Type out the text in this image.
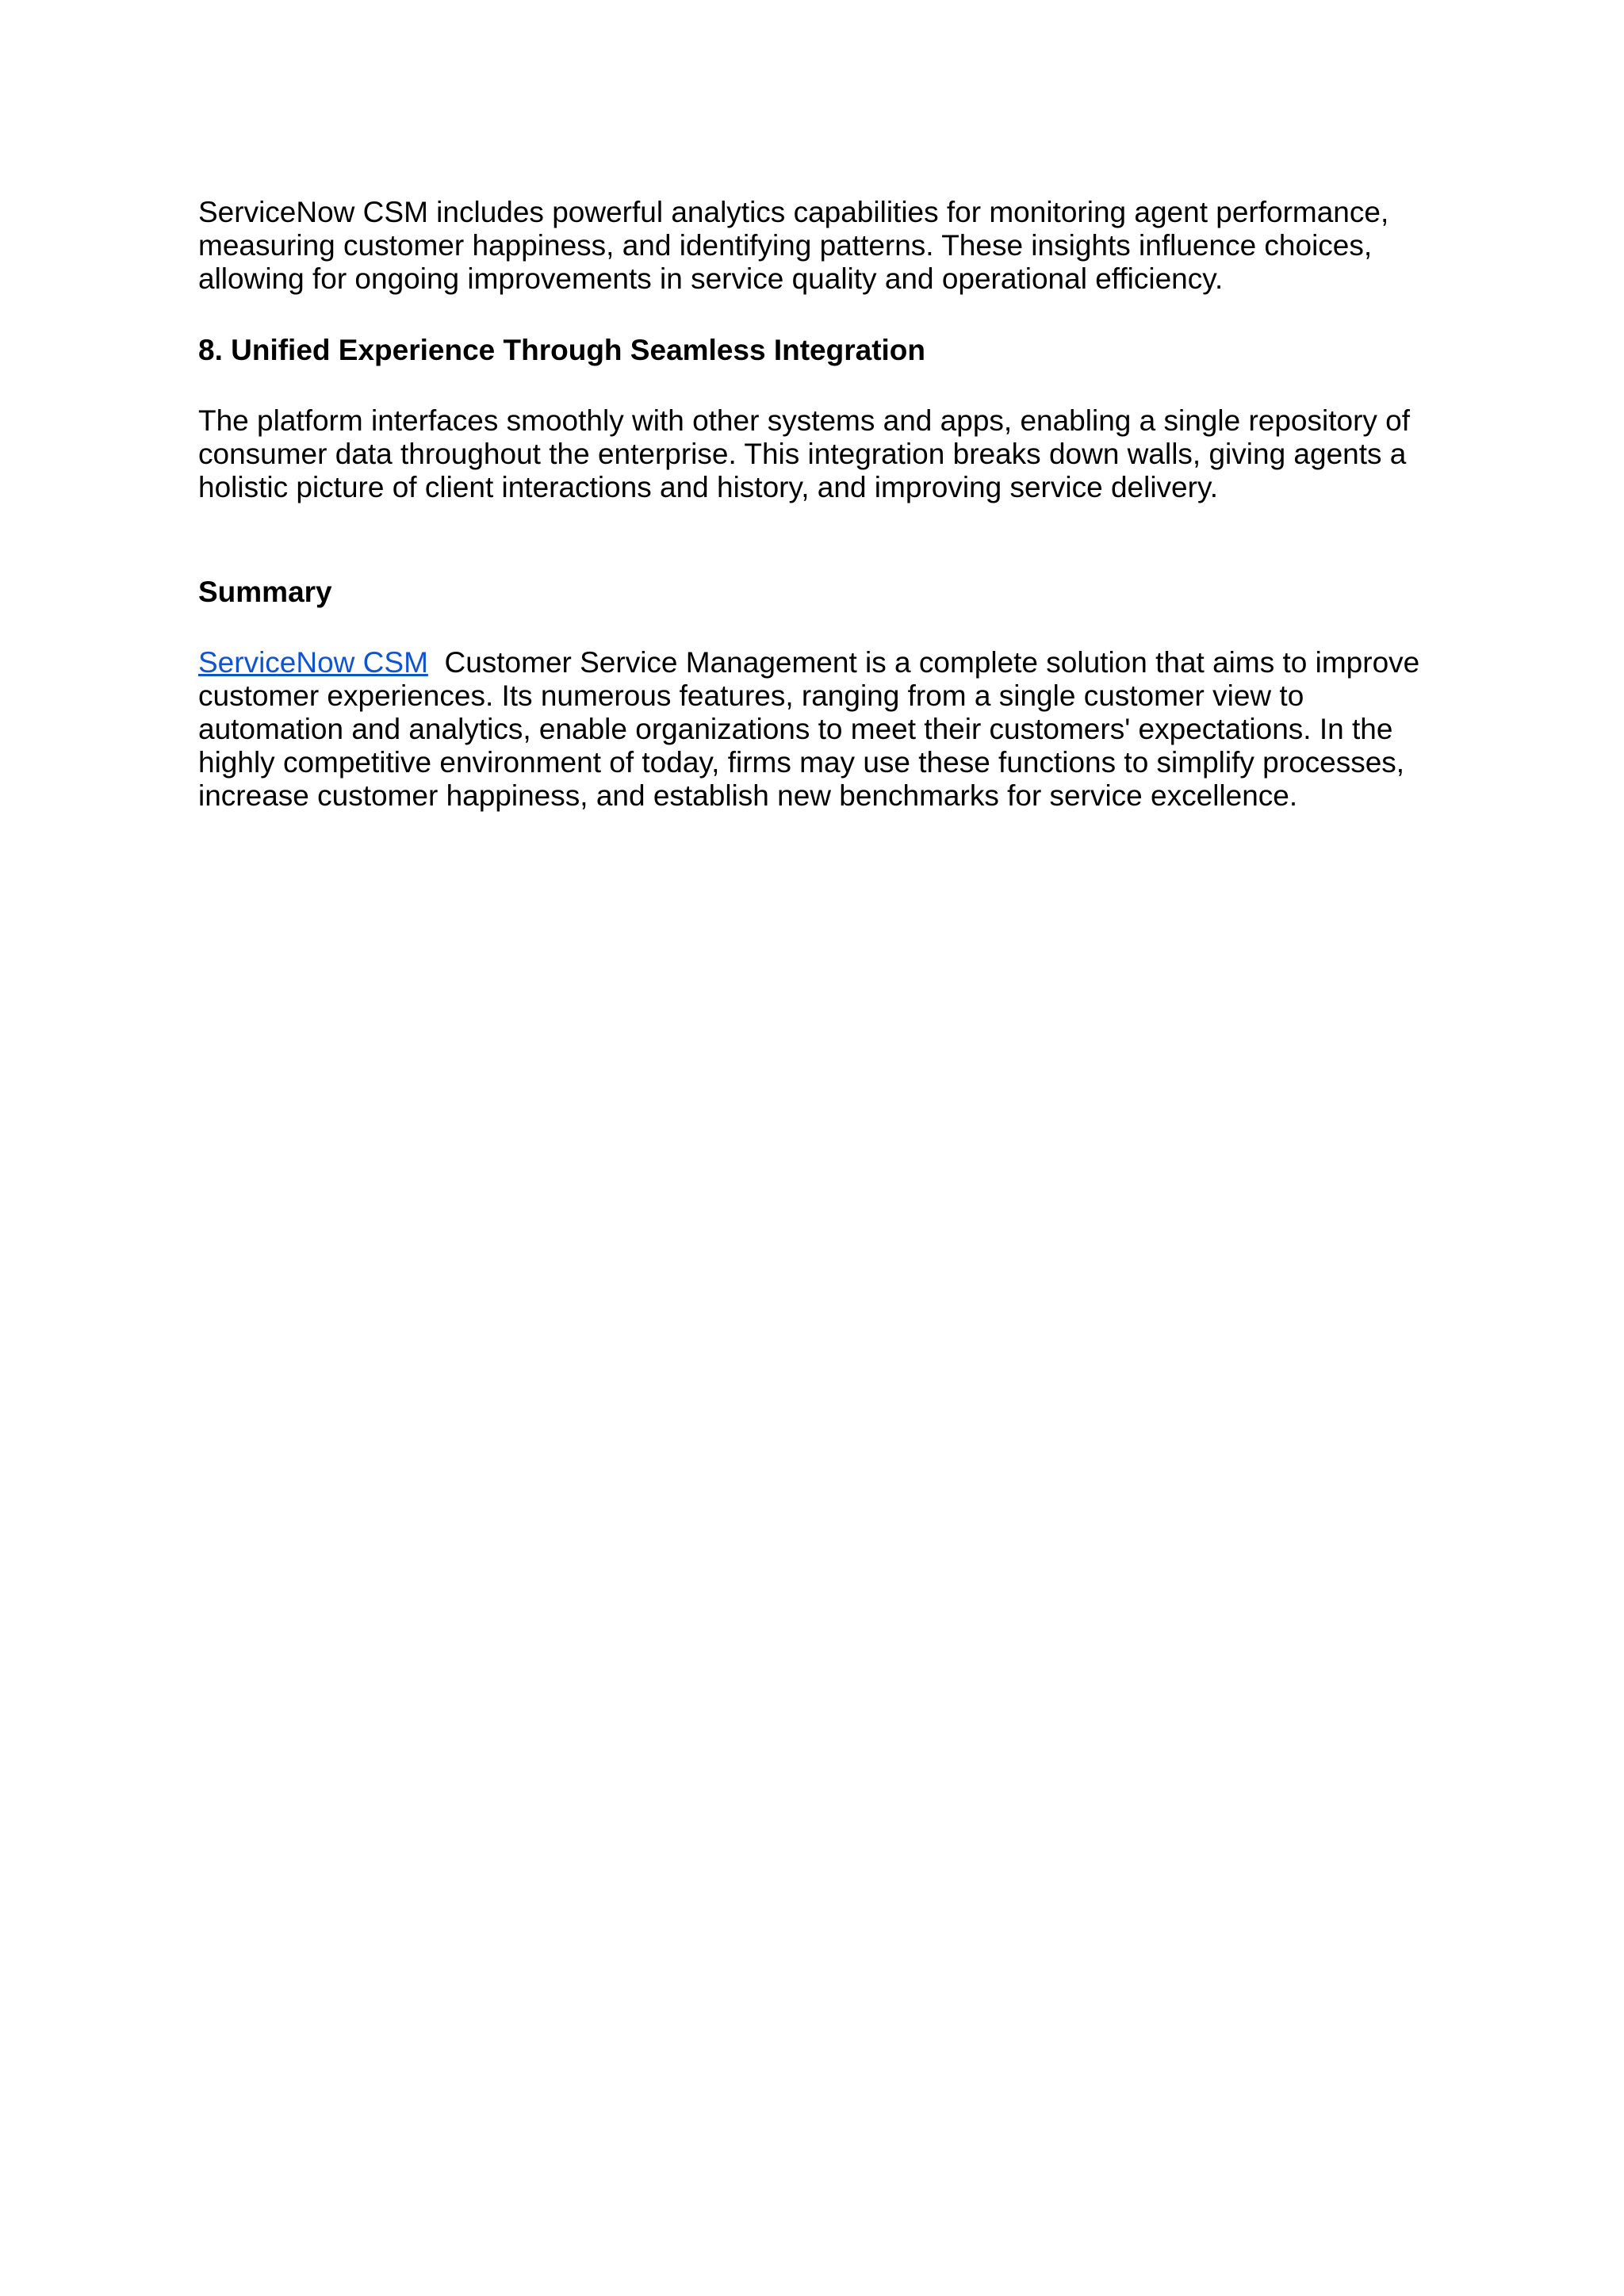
ServiceNow CSM includes powerful analytics capabilities for monitoring agent performance, measuring customer happiness, and identifying patterns. These insights influence choices, allowing for ongoing improvements in service quality and operational efficiency.

8. Unified Experience Through Seamless Integration

The platform interfaces smoothly with other systems and apps, enabling a single repository of consumer data throughout the enterprise. This integration breaks down walls, giving agents a holistic picture of client interactions and history, and improving service delivery.

Summary

ServiceNow CSM Customer Service Management is a complete solution that aims to improve customer experiences. Its numerous features, ranging from a single customer view to automation and analytics, enable organizations to meet their customers' expectations. In the highly competitive environment of today, firms may use these functions to simplify processes, increase customer happiness, and establish new benchmarks for service excellence.
